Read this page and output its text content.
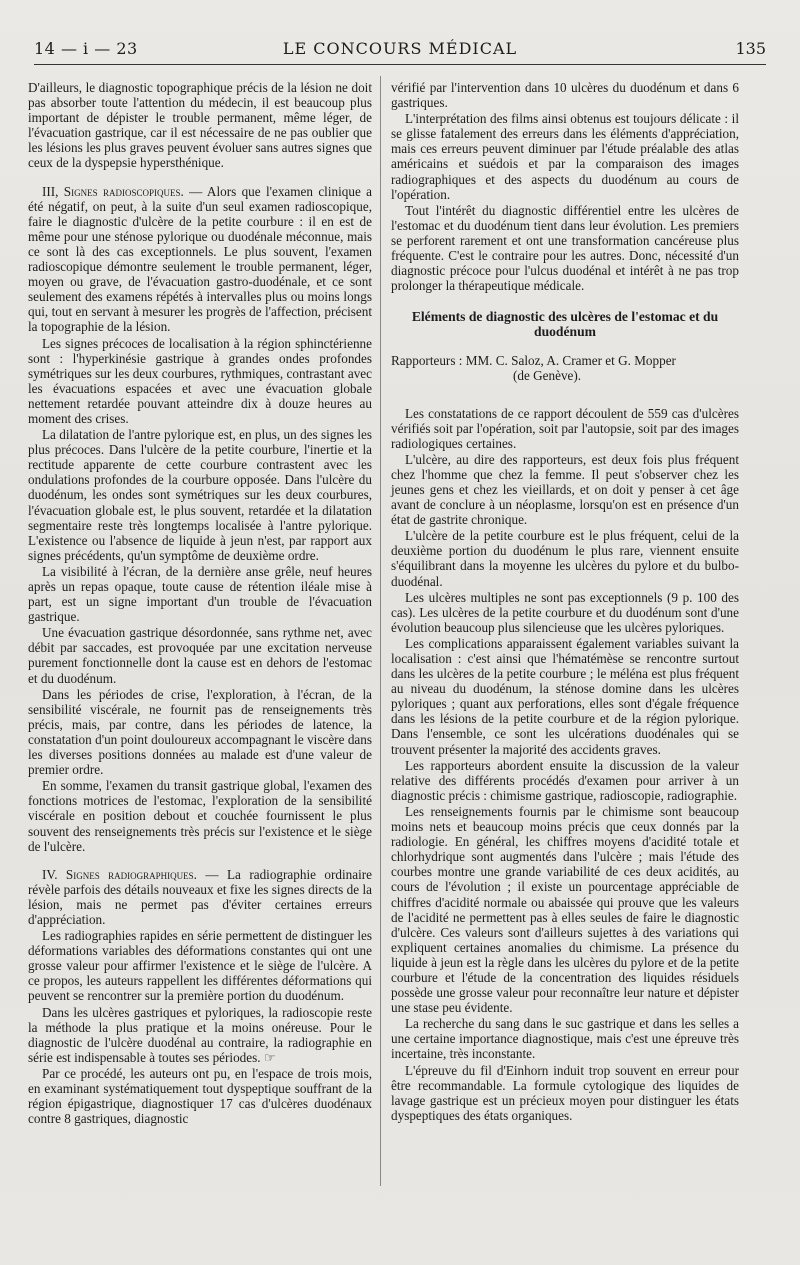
14 — i — 23	LE CONCOURS MÉDICAL	135

D'ailleurs, le diagnostic topographique précis de la lésion ne doit pas absorber toute l'attention du médecin, il est beaucoup plus important de dépister le trouble permanent, même léger, de l'évacuation gastrique, car il est nécessaire de ne pas oublier que les lésions les plus graves peuvent évoluer sans autres signes que ceux de la dyspepsie hypersthénique.

III, Signes radioscopiques. — Alors que l'examen clinique a été négatif, on peut, à la suite d'un seul examen radioscopique, faire le diagnostic d'ulcère de la petite courbure : il en est de même pour une sténose pylorique ou duodénale méconnue, mais ce sont là des cas exceptionnels. Le plus souvent, l'examen radioscopique démontre seulement le trouble permanent, léger, moyen ou grave, de l'évacuation gastro-duodénale, et ce sont seulement des examens répétés à intervalles plus ou moins longs qui, tout en servant à mesurer les progrès de l'affection, précisent la topographie de la lésion.

Les signes précoces de localisation à la région sphinctérienne sont : l'hyperkinésie gastrique à grandes ondes profondes symétriques sur les deux courbures, rythmiques, contrastant avec les évacuations espacées et avec une évacuation globale nettement retardée pouvant atteindre dix à douze heures au moment des crises.

La dilatation de l'antre pylorique est, en plus, un des signes les plus précoces. Dans l'ulcère de la petite courbure, l'inertie et la rectitude apparente de cette courbure contrastent avec les ondulations profondes de la courbure opposée. Dans l'ulcère du duodénum, les ondes sont symétriques sur les deux courbures, l'évacuation globale est, le plus souvent, retardée et la dilatation segmentaire reste très longtemps localisée à l'antre pylorique. L'existence ou l'absence de liquide à jeun n'est, par rapport aux signes précédents, qu'un symptôme de deuxième ordre.

La visibilité à l'écran, de la dernière anse grêle, neuf heures après un repas opaque, toute cause de rétention iléale mise à part, est un signe important d'un trouble de l'évacuation gastrique.

Une évacuation gastrique désordonnée, sans rythme net, avec débit par saccades, est provoquée par une excitation nerveuse purement fonctionnelle dont la cause est en dehors de l'estomac et du duodénum.

Dans les périodes de crise, l'exploration, à l'écran, de la sensibilité viscérale, ne fournit pas de renseignements très précis, mais, par contre, dans les périodes de latence, la constatation d'un point douloureux accompagnant le viscère dans les diverses positions données au malade est d'une valeur de premier ordre.

En somme, l'examen du transit gastrique global, l'examen des fonctions motrices de l'estomac, l'exploration de la sensibilité viscérale en position debout et couchée fournissent le plus souvent des renseignements très précis sur l'existence et le siège de l'ulcère.

IV. Signes radiographiques. — La radiographie ordinaire révèle parfois des détails nouveaux et fixe les signes directs de la lésion, mais ne permet pas d'éviter certaines erreurs d'appréciation.

Les radiographies rapides en série permettent de distinguer les déformations variables des déformations constantes qui ont une grosse valeur pour affirmer l'existence et le siège de l'ulcère. A ce propos, les auteurs rappellent les différentes déformations qui peuvent se rencontrer sur la première portion du duodénum.

Dans les ulcères gastriques et pyloriques, la radioscopie reste la méthode la plus pratique et la moins onéreuse. Pour le diagnostic de l'ulcère duodénal au contraire, la radiographie en série est indispensable à toutes ses périodes. ☞

Par ce procédé, les auteurs ont pu, en l'espace de trois mois, en examinant systématiquement tout dyspeptique souffrant de la région épigastrique, diagnostiquer 17 cas d'ulcères duodénaux contre 8 gastriques, diagnostic

vérifié par l'intervention dans 10 ulcères du duodénum et dans 6 gastriques.

L'interprétation des films ainsi obtenus est toujours délicate : il se glisse fatalement des erreurs dans les éléments d'appréciation, mais ces erreurs peuvent diminuer par l'étude préalable des atlas américains et suédois et par la comparaison des images radiographiques et des aspects du duodénum au cours de l'opération.

Tout l'intérêt du diagnostic différentiel entre les ulcères de l'estomac et du duodénum tient dans leur évolution. Les premiers se perforent rarement et ont une transformation cancéreuse plus fréquente. C'est le contraire pour les autres. Donc, nécessité d'un diagnostic précoce pour l'ulcus duodénal et intérêt à ne pas trop prolonger la thérapeutique médicale.

Eléments de diagnostic des ulcères de l'estomac et du duodénum

Rapporteurs : MM. C. Saloz, A. Cramer et G. Mopper
(de Genève).

Les constatations de ce rapport découlent de 559 cas d'ulcères vérifiés soit par l'opération, soit par l'autopsie, soit par des images radiologiques certaines.

L'ulcère, au dire des rapporteurs, est deux fois plus fréquent chez l'homme que chez la femme. Il peut s'observer chez les jeunes gens et chez les vieillards, et on doit y penser à cet âge avant de conclure à un néoplasme, lorsqu'on est en présence d'un état de gastrite chronique.

L'ulcère de la petite courbure est le plus fréquent, celui de la deuxième portion du duodénum le plus rare, viennent ensuite s'équilibrant dans la moyenne les ulcères du pylore et du bulbo-duodénal.

Les ulcères multiples ne sont pas exceptionnels (9 p. 100 des cas). Les ulcères de la petite courbure et du duodénum sont d'une évolution beaucoup plus silencieuse que les ulcères pyloriques.

Les complications apparaissent également variables suivant la localisation : c'est ainsi que l'hématémèse se rencontre surtout dans les ulcères de la petite courbure ; le méléna est plus fréquent au niveau du duodénum, la sténose domine dans les ulcères pyloriques ; quant aux perforations, elles sont d'égale fréquence dans les lésions de la petite courbure et de la région pylorique. Dans l'ensemble, ce sont les ulcérations duodénales qui se trouvent présenter la majorité des accidents graves.

Les rapporteurs abordent ensuite la discussion de la valeur relative des différents procédés d'examen pour arriver à un diagnostic précis : chimisme gastrique, radioscopie, radiographie.

Les renseignements fournis par le chimisme sont beaucoup moins nets et beaucoup moins précis que ceux donnés par la radiologie. En général, les chiffres moyens d'acidité totale et chlorhydrique sont augmentés dans l'ulcère ; mais l'étude des courbes montre une grande variabilité de ces deux acidités, au cours de l'évolution ; il existe un pourcentage appréciable de chiffres d'acidité normale ou abaissée qui prouve que les valeurs de l'acidité ne permettent pas à elles seules de faire le diagnostic d'ulcère. Ces valeurs sont d'ailleurs sujettes à des variations qui expliquent certaines anomalies du chimisme. La présence du liquide à jeun est la règle dans les ulcères du pylore et de la petite courbure et l'étude de la concentration des liquides résiduels possède une grosse valeur pour reconnaître leur nature et dépister une stase peu évidente.

La recherche du sang dans le suc gastrique et dans les selles a une certaine importance diagnostique, mais c'est une épreuve très incertaine, très inconstante.

L'épreuve du fil d'Einhorn induit trop souvent en erreur pour être recommandable. La formule cytologique des liquides de lavage gastrique est un précieux moyen pour distinguer les états dyspeptiques des états organiques.
